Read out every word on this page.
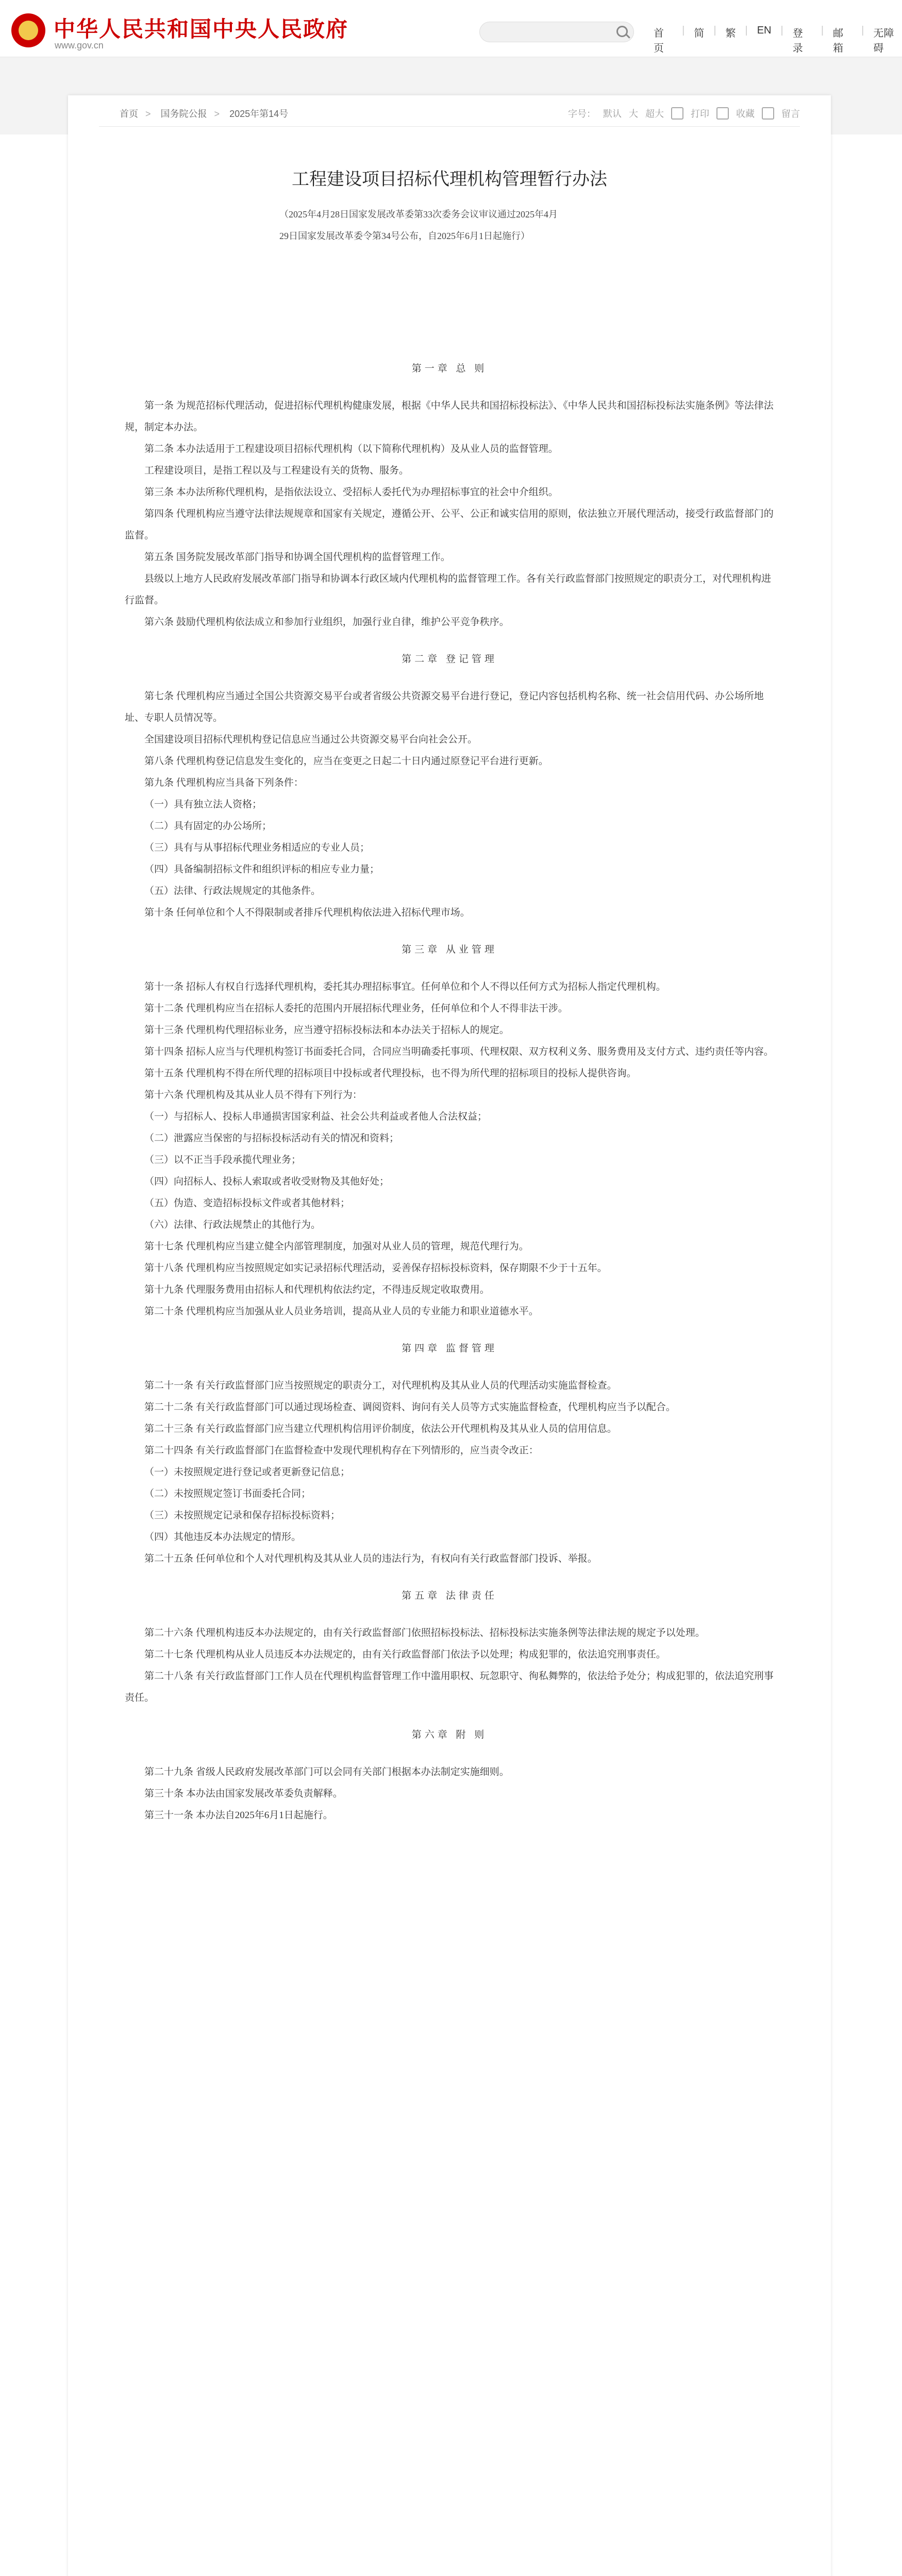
中华人民共和国中央人民政府
www.gov.cn
首页
| 简 | 繁 | EN | 登录
| 邮箱
| 无障碍
首页 > 国务院公报 > 2025年第14号	字号： 默认 大 超大	打印	收藏	留言
工程建设项目招标代理机构管理暂行办法
（2025年4月28日国家发展改革委第33次委务会议审议通过2025年4月
29日国家发展改革委令第34号公布，自2025年6月1日起施行）
第一章 总 则

第一条 为规范招标代理活动，促进招标代理机构健康发展，根据《中华人民共和国招标投标法》、《中华人民共和国招标投标法实施条例》等法律法规，制定本办法。

第二条 本办法适用于工程建设项目招标代理机构（以下简称代理机构）及从业人员的监督管理。

工程建设项目，是指工程以及与工程建设有关的货物、服务。

第三条 本办法所称代理机构，是指依法设立、受招标人委托代为办理招标事宜的社会中介组织。

第四条 代理机构应当遵守法律法规规章和国家有关规定，遵循公开、公平、公正和诚实信用的原则，依法独立开展代理活动，接受行政监督部门的监督。

第五条 国务院发展改革部门指导和协调全国代理机构的监督管理工作。

县级以上地方人民政府发展改革部门指导和协调本行政区域内代理机构的监督管理工作。各有关行政监督部门按照规定的职责分工，对代理机构进行监督。

第六条 鼓励代理机构依法成立和参加行业组织，加强行业自律，维护公平竞争秩序。

第二章 登记管理

第七条 代理机构应当通过全国公共资源交易平台或者省级公共资源交易平台进行登记，登记内容包括机构名称、统一社会信用代码、办公场所地址、专职人员情况等。

全国建设项目招标代理机构登记信息应当通过公共资源交易平台向社会公开。

第八条 代理机构登记信息发生变化的，应当在变更之日起二十日内通过原登记平台进行更新。

第九条 代理机构应当具备下列条件：

（一）具有独立法人资格；

（二）具有固定的办公场所；

（三）具有与从事招标代理业务相适应的专业人员；

（四）具备编制招标文件和组织评标的相应专业力量；

（五）法律、行政法规规定的其他条件。

第十条 任何单位和个人不得限制或者排斥代理机构依法进入招标代理市场。

第三章 从业管理

第十一条 招标人有权自行选择代理机构，委托其办理招标事宜。任何单位和个人不得以任何方式为招标人指定代理机构。

第十二条 代理机构应当在招标人委托的范围内开展招标代理业务，任何单位和个人不得非法干涉。

第十三条 代理机构代理招标业务，应当遵守招标投标法和本办法关于招标人的规定。

第十四条 招标人应当与代理机构签订书面委托合同，合同应当明确委托事项、代理权限、双方权利义务、服务费用及支付方式、违约责任等内容。

第十五条 代理机构不得在所代理的招标项目中投标或者代理投标，也不得为所代理的招标项目的投标人提供咨询。

第十六条 代理机构及其从业人员不得有下列行为：

（一）与招标人、投标人串通损害国家利益、社会公共利益或者他人合法权益；

（二）泄露应当保密的与招标投标活动有关的情况和资料；

（三）以不正当手段承揽代理业务；

（四）向招标人、投标人索取或者收受财物及其他好处；

（五）伪造、变造招标投标文件或者其他材料；

（六）法律、行政法规禁止的其他行为。

第十七条 代理机构应当建立健全内部管理制度，加强对从业人员的管理，规范代理行为。

第十八条 代理机构应当按照规定如实记录招标代理活动，妥善保存招标投标资料，保存期限不少于十五年。

第十九条 代理服务费用由招标人和代理机构依法约定，不得违反规定收取费用。

第二十条 代理机构应当加强从业人员业务培训，提高从业人员的专业能力和职业道德水平。

第四章 监督管理

第二十一条 有关行政监督部门应当按照规定的职责分工，对代理机构及其从业人员的代理活动实施监督检查。

第二十二条 有关行政监督部门可以通过现场检查、调阅资料、询问有关人员等方式实施监督检查，代理机构应当予以配合。

第二十三条 有关行政监督部门应当建立代理机构信用评价制度，依法公开代理机构及其从业人员的信用信息。

第二十四条 有关行政监督部门在监督检查中发现代理机构存在下列情形的，应当责令改正：

（一）未按照规定进行登记或者更新登记信息；

（二）未按照规定签订书面委托合同；

（三）未按照规定记录和保存招标投标资料；

（四）其他违反本办法规定的情形。

第二十五条 任何单位和个人对代理机构及其从业人员的违法行为，有权向有关行政监督部门投诉、举报。

第五章 法律责任

第二十六条 代理机构违反本办法规定的，由有关行政监督部门依照招标投标法、招标投标法实施条例等法律法规的规定予以处理。

第二十七条 代理机构从业人员违反本办法规定的，由有关行政监督部门依法予以处理；构成犯罪的，依法追究刑事责任。

第二十八条 有关行政监督部门工作人员在代理机构监督管理工作中滥用职权、玩忽职守、徇私舞弊的，依法给予处分；构成犯罪的，依法追究刑事责任。

第六章 附 则

第二十九条 省级人民政府发展改革部门可以会同有关部门根据本办法制定实施细则。

第三十条 本办法由国家发展改革委负责解释。

第三十一条 本办法自2025年6月1日起施行。
